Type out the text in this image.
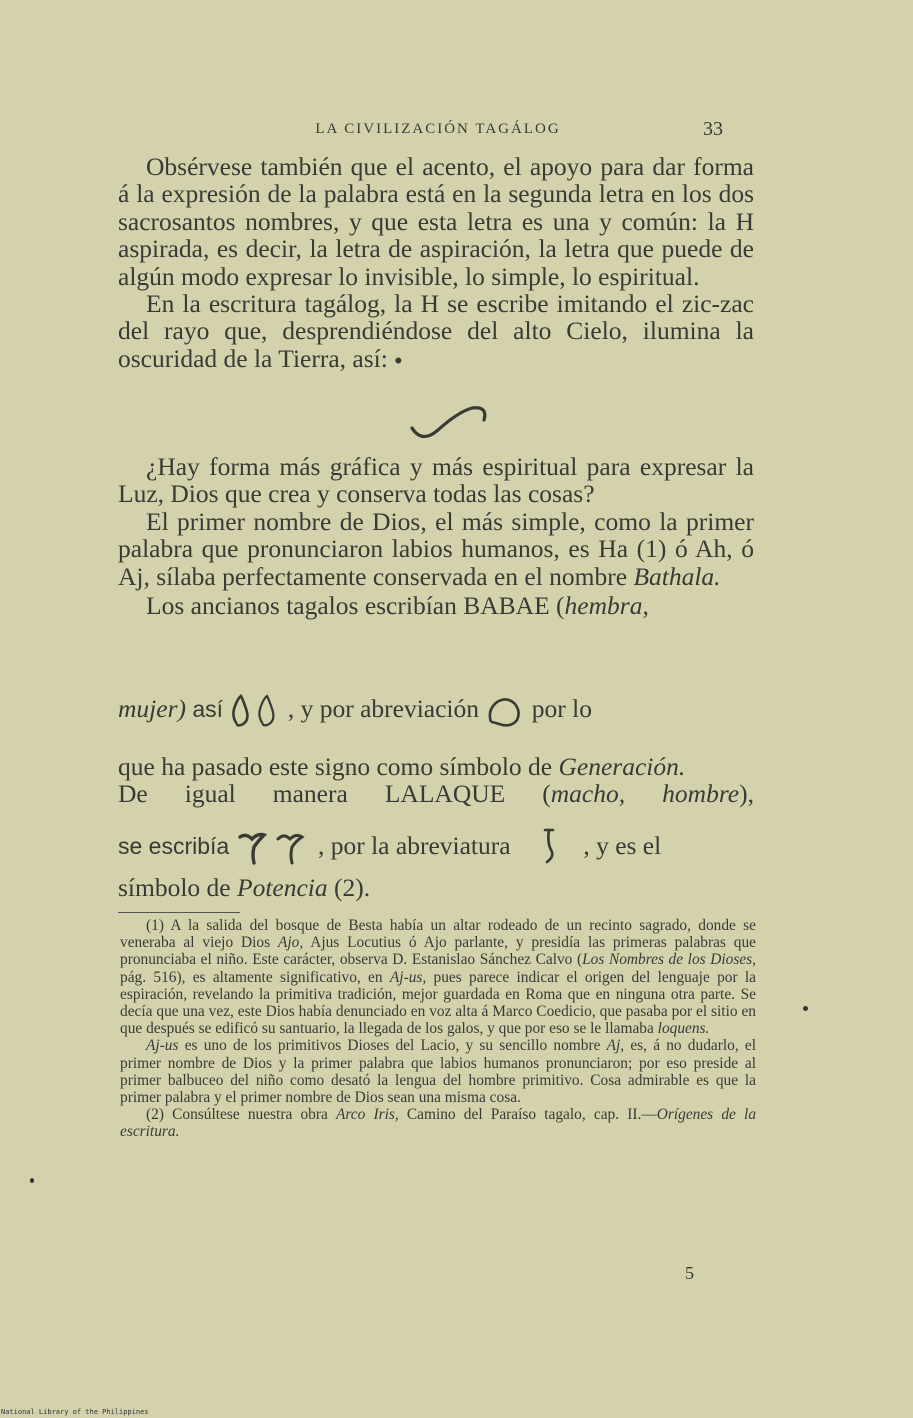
LA CIVILIZACIÓN TAGÁLOG	33

Obsérvese también que el acento, el apoyo para dar forma á la expresión de la palabra está en la segunda letra en los dos sacrosantos nombres, y que esta letra es una y común: la H aspirada, es decir, la letra de aspiración, la letra que puede de algún modo expresar lo invisible, lo simple, lo espiritual.

En la escritura tagálog, la H se escribe imitando el zic-zac del rayo que, desprendiéndose del alto Cielo, ilumina la oscuridad de la Tierra, así: ●

¿Hay forma más gráfica y más espiritual para expresar la Luz, Dios que crea y conserva todas las cosas?

El primer nombre de Dios, el más simple, como la primer palabra que pronunciaron labios humanos, es Ha (1) ó Ah, ó Aj, sílaba perfectamente conservada en el nombre Bathala.

Los ancianos tagalos escribían BABAE (hembra,

mujer) así  , y por abreviación  por lo

que ha pasado este signo como símbolo de Generación.

De igual manera LALAQUE (macho, hombre),

se escribía	, por la abreviatura	, y es el
símbolo de Potencia (2).

(1) A la salida del bosque de Besta había un altar rodeado de un recinto sagrado, donde se veneraba al viejo Dios Ajo, Ajus Locutius ó Ajo parlante, y presidía las primeras palabras que pronunciaba el niño. Este carácter, observa D. Estanislao Sánchez Calvo (Los Nombres de los Dioses, pág. 516), es altamente significativo, en Aj-us, pues parece indicar el origen del lenguaje por la espiración, revelando la primitiva tradición, mejor guardada en Roma que en ninguna otra parte. Se decía que una vez, este Dios había denunciado en voz alta á Marco Coedicio, que pasaba por el sitio en que después se edificó su santuario, la llegada de los galos, y que por eso se le llamaba loquens.

Aj-us es uno de los primitivos Dioses del Lacio, y su sencillo nombre Aj, es, á no dudarlo, el primer nombre de Dios y la primer palabra que labios humanos pronunciaron; por eso preside al primer balbuceo del niño como desató la lengua del hombre primitivo. Cosa admirable es que la primer palabra y el primer nombre de Dios sean una misma cosa.

(2) Consúltese nuestra obra Arco Iris, Camino del Paraíso tagalo, cap. II.—Orígenes de la escritura.

5
National Library of the Philippines
